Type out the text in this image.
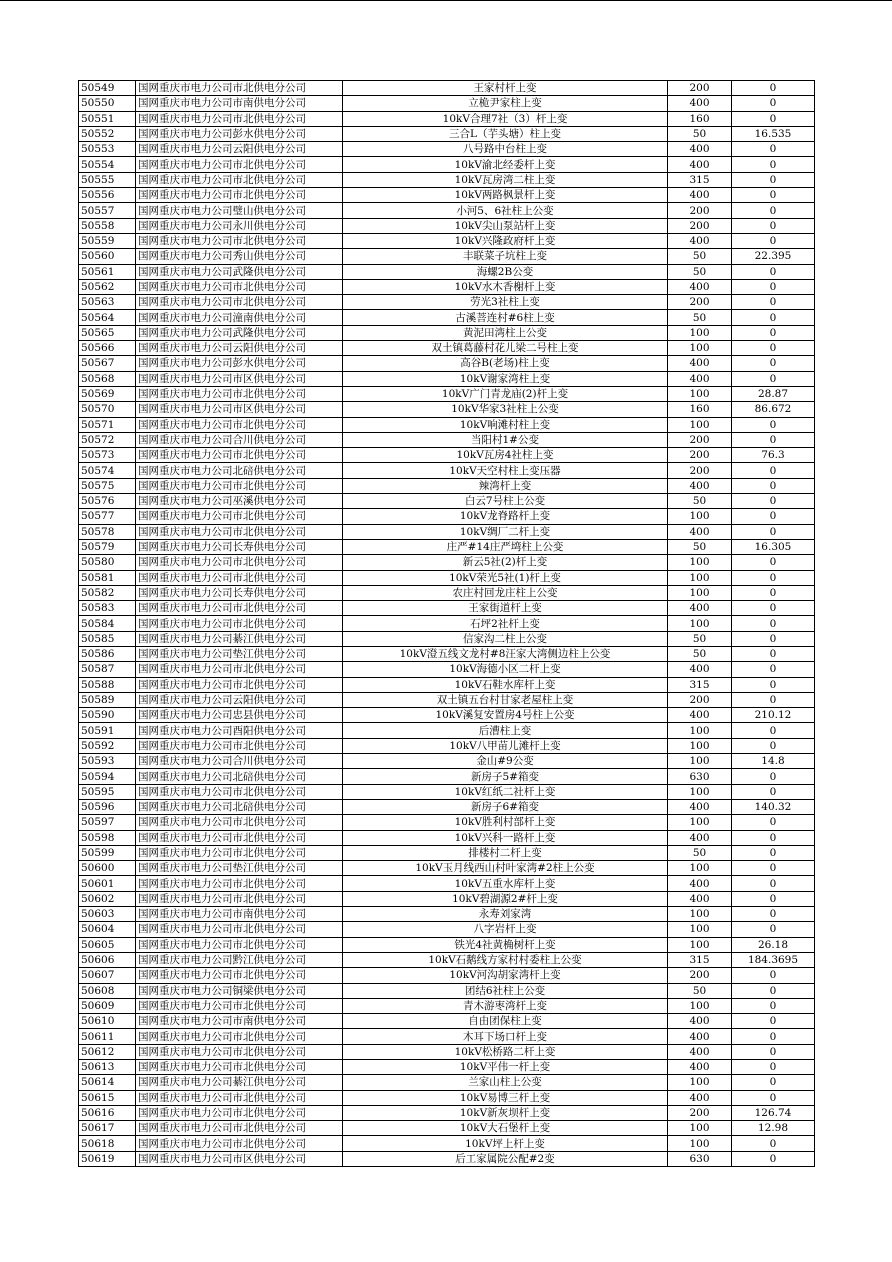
50549	国网重庆市电力公司市北供电分公司	王家村杆上变	200	0
50550	国网重庆市电力公司市南供电分公司	立桅尹家柱上变	400	0
50551	国网重庆市电力公司市北供电分公司	10kV合理7社（3）杆上变	160	0
50552	国网重庆市电力公司彭水供电分公司	三合L（芋头塘）柱上变	50	16.535
50553	国网重庆市电力公司云阳供电分公司	八号路中台柱上变	400	0
50554	国网重庆市电力公司市北供电分公司	10kV渝北经委杆上变	400	0
50555	国网重庆市电力公司市北供电分公司	10kV瓦房湾二柱上变	315	0
50556	国网重庆市电力公司市北供电分公司	10kV两路枫景杆上变	400	0
50557	国网重庆市电力公司璧山供电分公司	小河5、6社柱上公变	200	0
50558	国网重庆市电力公司永川供电分公司	10kV尖山泵站杆上变	200	0
50559	国网重庆市电力公司市北供电分公司	10kV兴隆政府杆上变	400	0
50560	国网重庆市电力公司秀山供电分公司	丰联菜子坑柱上变	50	22.395
50561	国网重庆市电力公司武隆供电分公司	海螺2B公变	50	0
50562	国网重庆市电力公司市北供电分公司	10kV水木香榭杆上变	400	0
50563	国网重庆市电力公司市北供电分公司	劳光3社柱上变	200	0
50564	国网重庆市电力公司潼南供电分公司	古溪菩连村#6柱上变	50	0
50565	国网重庆市电力公司武隆供电分公司	黄泥田湾柱上公变	100	0
50566	国网重庆市电力公司云阳供电分公司	双土镇葛藤村花儿梁二号柱上变	100	0
50567	国网重庆市电力公司彭水供电分公司	高谷B(老场)柱上变	400	0
50568	国网重庆市电力公司市区供电分公司	10kV谢家湾柱上变	400	0
50569	国网重庆市电力公司市北供电分公司	10kV广门青龙庙(2)杆上变	100	28.87
50570	国网重庆市电力公司市区供电分公司	10kV华家3社柱上公变	160	86.672
50571	国网重庆市电力公司市北供电分公司	10kV响滩村柱上变	100	0
50572	国网重庆市电力公司合川供电分公司	当阳村1#公变	200	0
50573	国网重庆市电力公司市北供电分公司	10kV瓦房4社柱上变	200	76.3
50574	国网重庆市电力公司北碚供电分公司	10kV天空村柱上变压器	200	0
50575	国网重庆市电力公司市北供电分公司	辣湾杆上变	400	0
50576	国网重庆市电力公司巫溪供电分公司	白云7号柱上公变	50	0
50577	国网重庆市电力公司市北供电分公司	10kV龙脊路杆上变	100	0
50578	国网重庆市电力公司市北供电分公司	10kV绸厂二杆上变	400	0
50579	国网重庆市电力公司长寿供电分公司	庄严#14庄严塆柱上公变	50	16.305
50580	国网重庆市电力公司市北供电分公司	新云5社(2)杆上变	100	0
50581	国网重庆市电力公司市北供电分公司	10kV荣光5社(1)杆上变	100	0
50582	国网重庆市电力公司长寿供电分公司	农庄村回龙庄柱上公变	100	0
50583	国网重庆市电力公司市北供电分公司	王家街道杆上变	400	0
50584	国网重庆市电力公司市北供电分公司	石坪2社杆上变	100	0
50585	国网重庆市电力公司綦江供电分公司	信家沟二柱上公变	50	0
50586	国网重庆市电力公司垫江供电分公司	10kV澄五线文龙村#8汪家大湾侧边柱上公变	50	0
50587	国网重庆市电力公司市北供电分公司	10kV海德小区二杆上变	400	0
50588	国网重庆市电力公司市北供电分公司	10kV石鞋水库杆上变	315	0
50589	国网重庆市电力公司云阳供电分公司	双土镇五台村甘家老屋柱上变	200	0
50590	国网重庆市电力公司忠县供电分公司	10kV溪复安置房4号柱上公变	400	210.12
50591	国网重庆市电力公司酉阳供电分公司	后漕柱上变	100	0
50592	国网重庆市电力公司市北供电分公司	10kV八甲苗儿滩杆上变	100	0
50593	国网重庆市电力公司合川供电分公司	金山#9公变	100	14.8
50594	国网重庆市电力公司北碚供电分公司	新房子5#箱变	630	0
50595	国网重庆市电力公司市北供电分公司	10kV红纸二社杆上变	100	0
50596	国网重庆市电力公司北碚供电分公司	新房子6#箱变	400	140.32
50597	国网重庆市电力公司市北供电分公司	10kV胜利村部杆上变	100	0
50598	国网重庆市电力公司市北供电分公司	10kV兴科一路杆上变	400	0
50599	国网重庆市电力公司市北供电分公司	排楼村二杆上变	50	0
50600	国网重庆市电力公司垫江供电分公司	10kV玉月线西山村叶家湾#2柱上公变	100	0
50601	国网重庆市电力公司市北供电分公司	10kV五重水库杆上变	400	0
50602	国网重庆市电力公司市北供电分公司	10kV碧湖源2#杆上变	400	0
50603	国网重庆市电力公司市南供电分公司	永寿刘家湾	100	0
50604	国网重庆市电力公司市北供电分公司	八字岩杆上变	100	0
50605	国网重庆市电力公司市北供电分公司	铁光4社黄桷树杆上变	100	26.18
50606	国网重庆市电力公司黔江供电分公司	10kV石鹅线方家村村委柱上公变	315	184.3695
50607	国网重庆市电力公司市北供电分公司	10kV河沟胡家湾杆上变	200	0
50608	国网重庆市电力公司铜梁供电分公司	团结6社柱上公变	50	0
50609	国网重庆市电力公司市北供电分公司	青木游枣湾杆上变	100	0
50610	国网重庆市电力公司市南供电分公司	自由团保柱上变	400	0
50611	国网重庆市电力公司市北供电分公司	木耳下场口杆上变	400	0
50612	国网重庆市电力公司市北供电分公司	10kV松桥路二杆上变	400	0
50613	国网重庆市电力公司市北供电分公司	10kV平伟一杆上变	400	0
50614	国网重庆市电力公司綦江供电分公司	兰家山柱上公变	100	0
50615	国网重庆市电力公司市北供电分公司	10kV易博三杆上变	400	0
50616	国网重庆市电力公司市北供电分公司	10kV新灰坝杆上变	200	126.74
50617	国网重庆市电力公司市北供电分公司	10kV大石堡杆上变	100	12.98
50618	国网重庆市电力公司市北供电分公司	10kV坪上杆上变	100	0
50619	国网重庆市电力公司市区供电分公司	后工家属院公配#2变	630	0
